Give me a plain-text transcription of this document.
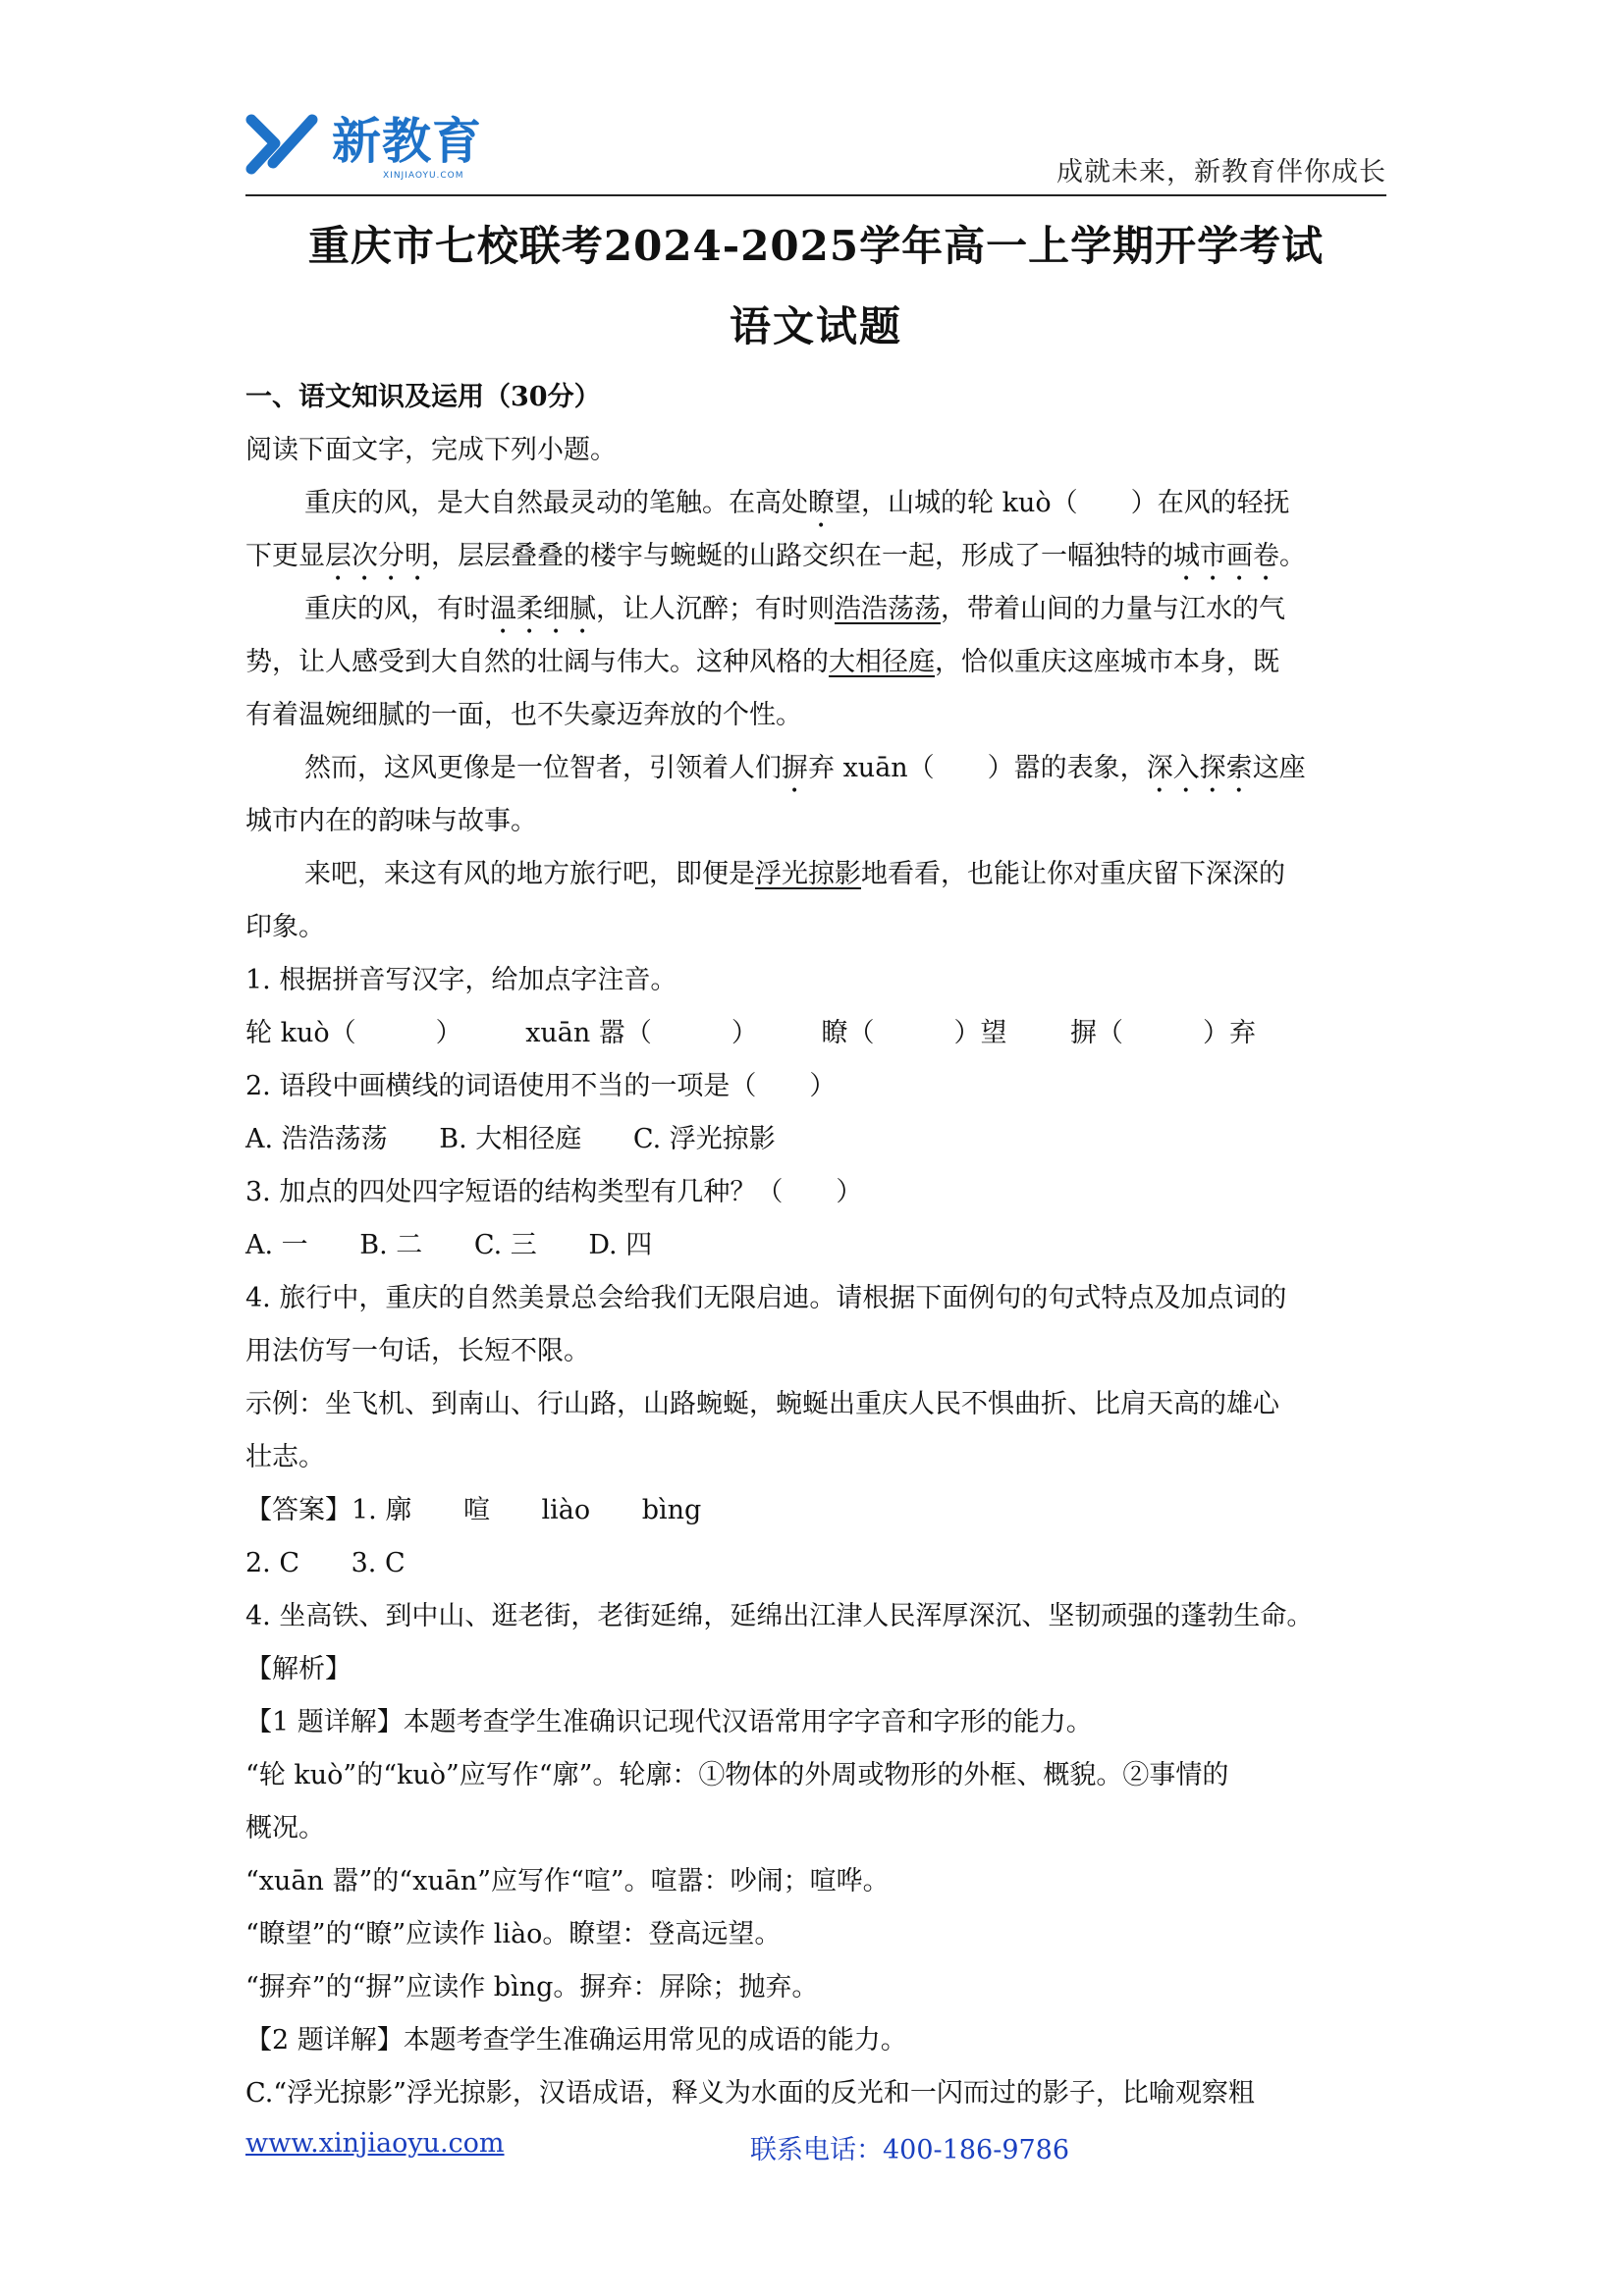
新教育
XINJIAOYU.COM	成就未来，新教育伴你成长
重庆市七校联考2024-2025学年高一上学期开学考试
语文试题
一、语文知识及运用（30分）
阅读下面文字，完成下列小题。
重庆的风，是大自然最灵动的笔触。在高处瞭望，山城的轮 kuò（　　）在风的轻抚
下更显层次分明，层层叠叠的楼宇与蜿蜒的山路交织在一起，形成了一幅独特的城市画卷。
重庆的风，有时温柔细腻，让人沉醉；有时则浩浩荡荡，带着山间的力量与江水的气
势，让人感受到大自然的壮阔与伟大。这种风格的大相径庭，恰似重庆这座城市本身，既
有着温婉细腻的一面，也不失豪迈奔放的个性。
然而，这风更像是一位智者，引领着人们摒弃 xuān（　　）嚣的表象，深入探索这座
城市内在的韵味与故事。
来吧，来这有风的地方旅行吧，即便是浮光掠影地看看，也能让你对重庆留下深深的
印象。
1. 根据拼音写汉字，给加点字注音。
轮 kuò（　　　） xuān 嚣（　　　） 瞭（　　　）望 摒（　　　）弃
2. 语段中画横线的词语使用不当的一项是（　　）
A. 浩浩荡荡 B. 大相径庭 C. 浮光掠影
3. 加点的四处四字短语的结构类型有几种？（　　）
A. 一 B. 二 C. 三 D. 四
4. 旅行中，重庆的自然美景总会给我们无限启迪。请根据下面例句的句式特点及加点词的
用法仿写一句话，长短不限。
示例：坐飞机、到南山、行山路，山路蜿蜒，蜿蜒出重庆人民不惧曲折、比肩天高的雄心
壮志。
【答案】1. 廓 喧 liào bìng
2. C 3. C
4. 坐高铁、到中山、逛老街，老街延绵，延绵出江津人民浑厚深沉、坚韧顽强的蓬勃生命。
【解析】
【1 题详解】本题考查学生准确识记现代汉语常用字字音和字形的能力。
“轮 kuò”的“kuò”应写作“廓”。轮廓：①物体的外周或物形的外框、概貌。②事情的
概况。
“xuān 嚣”的“xuān”应写作“喧”。喧嚣：吵闹；喧哗。
“瞭望”的“瞭”应读作 liào。瞭望：登高远望。
“摒弃”的“摒”应读作 bìng。摒弃：屏除；抛弃。
【2 题详解】本题考查学生准确运用常见的成语的能力。
C.“浮光掠影”浮光掠影，汉语成语，释义为水面的反光和一闪而过的影子，比喻观察粗
www.xinjiaoyu.com	联系电话：400-186-9786
